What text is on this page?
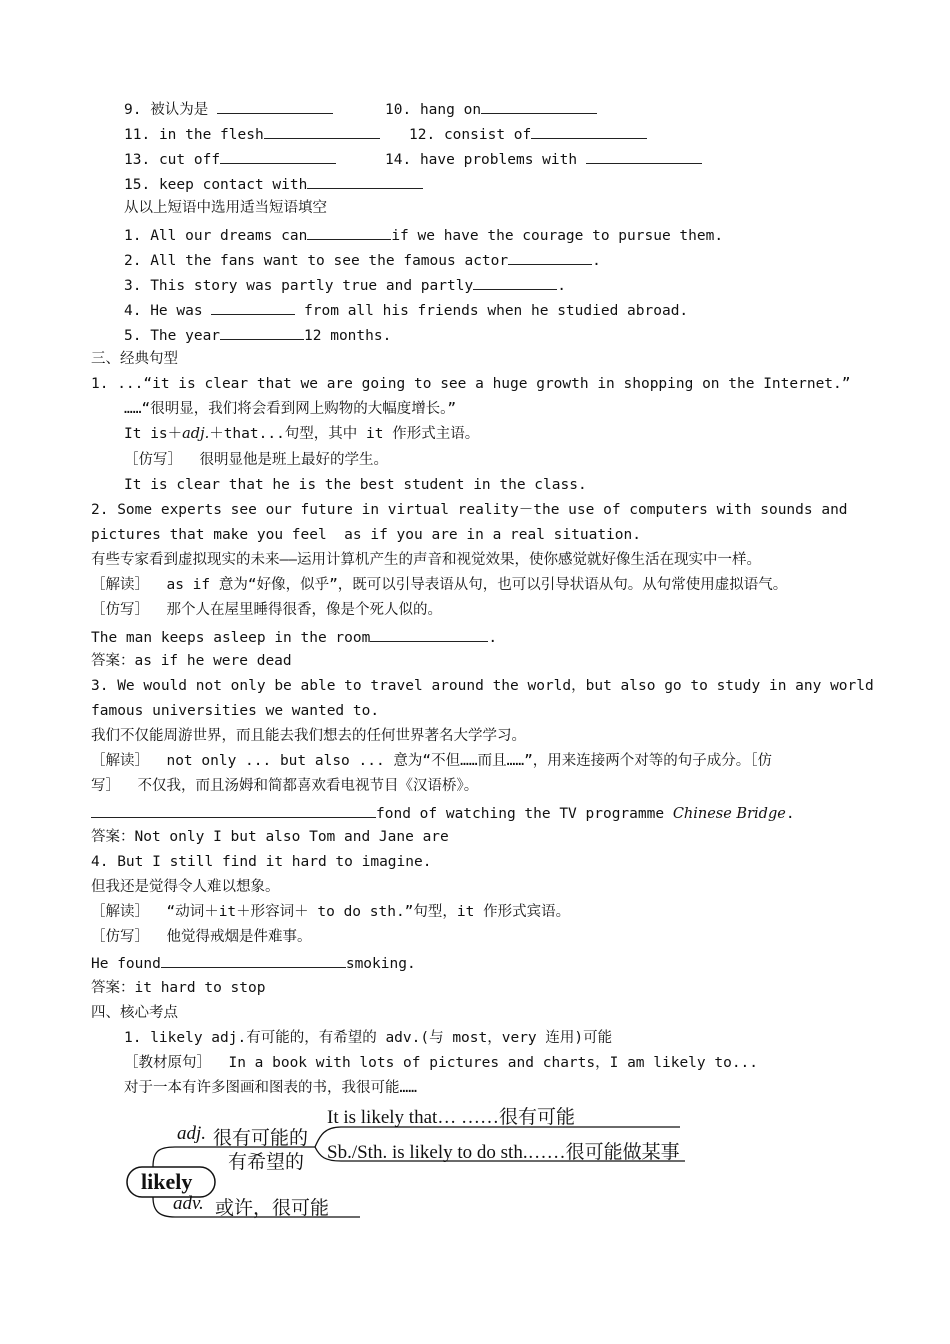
9. 被认为是	10. hang on
11. in the flesh	12. consist of
13. cut off	14. have problems with
15. keep contact with
从以上短语中选用适当短语填空
1. All our dreams can	if we have the courage to pursue them.
2. All the fans want to see the famous actor	.
3. This story was partly true and partly	.
4. He was	from all his friends when he studied abroad.
5. The year	12 months.
三、经典句型
1. ...“it is clear that we are going to see a huge growth in shopping on the Internet.”
……“很明显，我们将会看到网上购物的大幅度增长。”
It is＋adj.＋that...句型，其中 it 作形式主语。
［仿写］  很明显他是班上最好的学生。
It is clear that he is the best student in the class.
2. Some experts see our future in virtual reality－the use of computers with sounds and
pictures that make you feel  as if you are in a real situation.
有些专家看到虚拟现实的未来——运用计算机产生的声音和视觉效果，使你感觉就好像生活在现实中一样。
［解读］  as if 意为“好像，似乎”，既可以引导表语从句，也可以引导状语从句。从句常使用虚拟语气。
［仿写］  那个人在屋里睡得很香，像是个死人似的。
The man keeps asleep in the room	.
答案：as if he were dead
3. We would not only be able to travel around the world，but also go to study in any world
famous universities we wanted to.
我们不仅能周游世界，而且能去我们想去的任何世界著名大学学习。
［解读］  not only ... but also ... 意为“不但……而且……”，用来连接两个对等的句子成分。［仿
写］  不仅我，而且汤姆和简都喜欢看电视节目《汉语桥》。
fond of watching the TV programme Chinese Bridge.
答案：Not only I but also Tom and Jane are
4. But I still find it hard to imagine.
但我还是觉得令人难以想象。
［解读］  “动词＋it＋形容词＋ to do sth.”句型，it 作形式宾语。
［仿写］  他觉得戒烟是件难事。
He found	smoking.
答案：it hard to stop
四、核心考点
1. likely adj.有可能的，有希望的 adv.(与 most，very 连用)可能
［教材原句］  In a book with lots of pictures and charts，I am likely to...
对于一本有许多图画和图表的书，我很可能……
likely
adj. 很有可能的
有希望的
It is likely that… ……很有可能
Sb./Sth. is likely to do sth.……很可能做某事
adv. 或许，很可能
